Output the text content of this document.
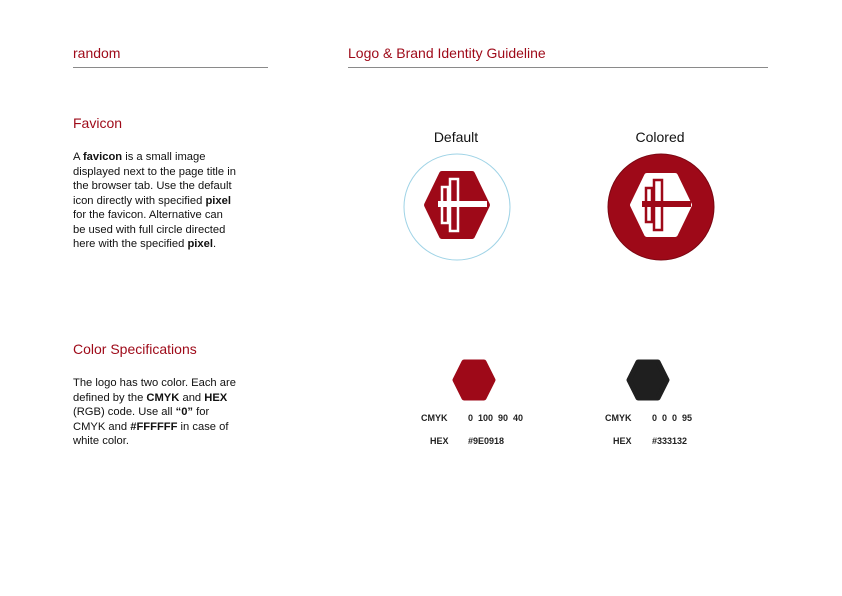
random	Logo & Brand Identity Guideline
Favicon
A favicon is a small image displayed next to the page title in the browser tab. Use the default icon directly with specified pixel for the favicon. Alternative can be used with full circle directed here with the specified pixel.
Default	Colored
Color Specifications
The logo has two color. Each are defined by the CMYK and HEX (RGB) code. Use all “0” for CMYK and #FFFFFF in case of white color.
CMYK 0  100  90  40
HEX #9E0918
CMYK 0  0  0  95
HEX #333132
